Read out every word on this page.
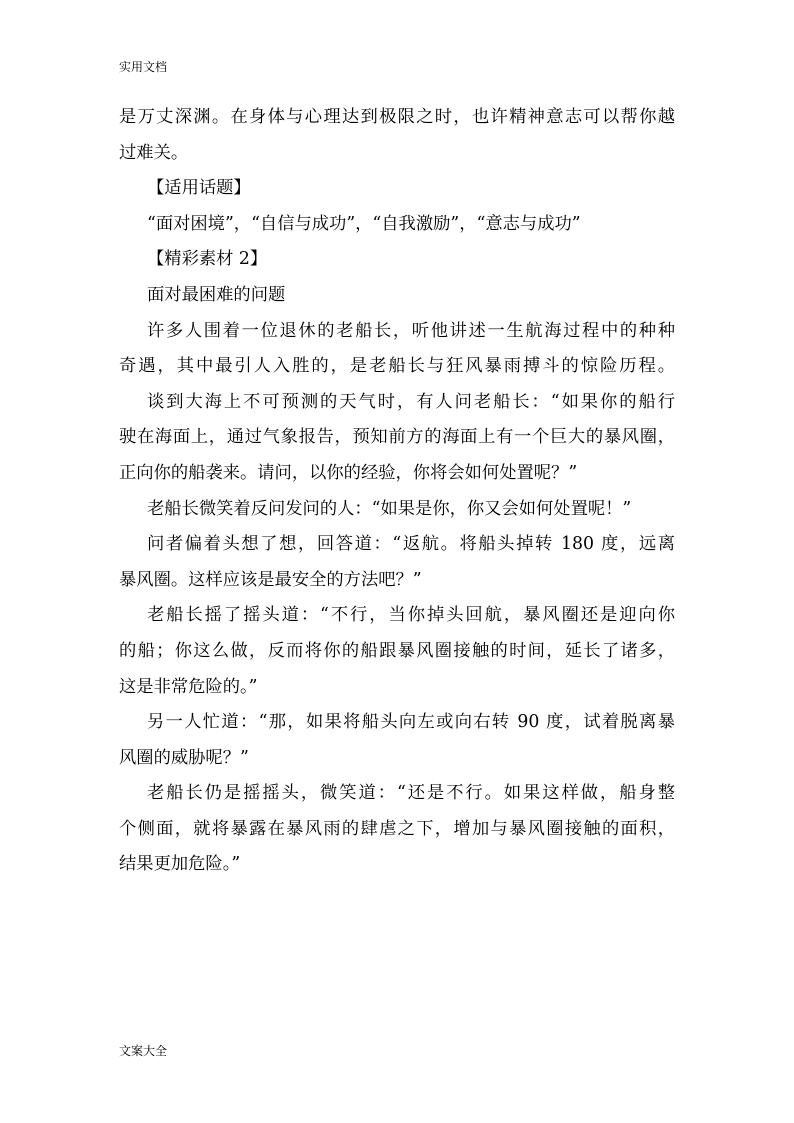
实用文档
是万丈深渊。在身体与心理达到极限之时，也许精神意志可以帮你越
过难关。
【适用话题】
“面对困境”，“自信与成功”，“自我激励”，“意志与成功”
【精彩素材 2】
面对最困难的问题
许多人围着一位退休的老船长，听他讲述一生航海过程中的种种
奇遇，其中最引人入胜的，是老船长与狂风暴雨搏斗的惊险历程。
谈到大海上不可预测的天气时，有人问老船长：“如果你的船行
驶在海面上，通过气象报告，预知前方的海面上有一个巨大的暴风圈，
正向你的船袭来。请问，以你的经验，你将会如何处置呢？”
老船长微笑着反问发问的人：“如果是你，你又会如何处置呢！”
问者偏着头想了想，回答道：“返航。将船头掉转 180 度，远离
暴风圈。这样应该是最安全的方法吧？”
老船长摇了摇头道：“不行，当你掉头回航，暴风圈还是迎向你
的船；你这么做，反而将你的船跟暴风圈接触的时间，延长了诸多，
这是非常危险的。”
另一人忙道：“那，如果将船头向左或向右转 90 度，试着脱离暴
风圈的威胁呢？”
老船长仍是摇摇头，微笑道：“还是不行。如果这样做，船身整
个侧面，就将暴露在暴风雨的肆虐之下，增加与暴风圈接触的面积，
结果更加危险。”
文案大全
